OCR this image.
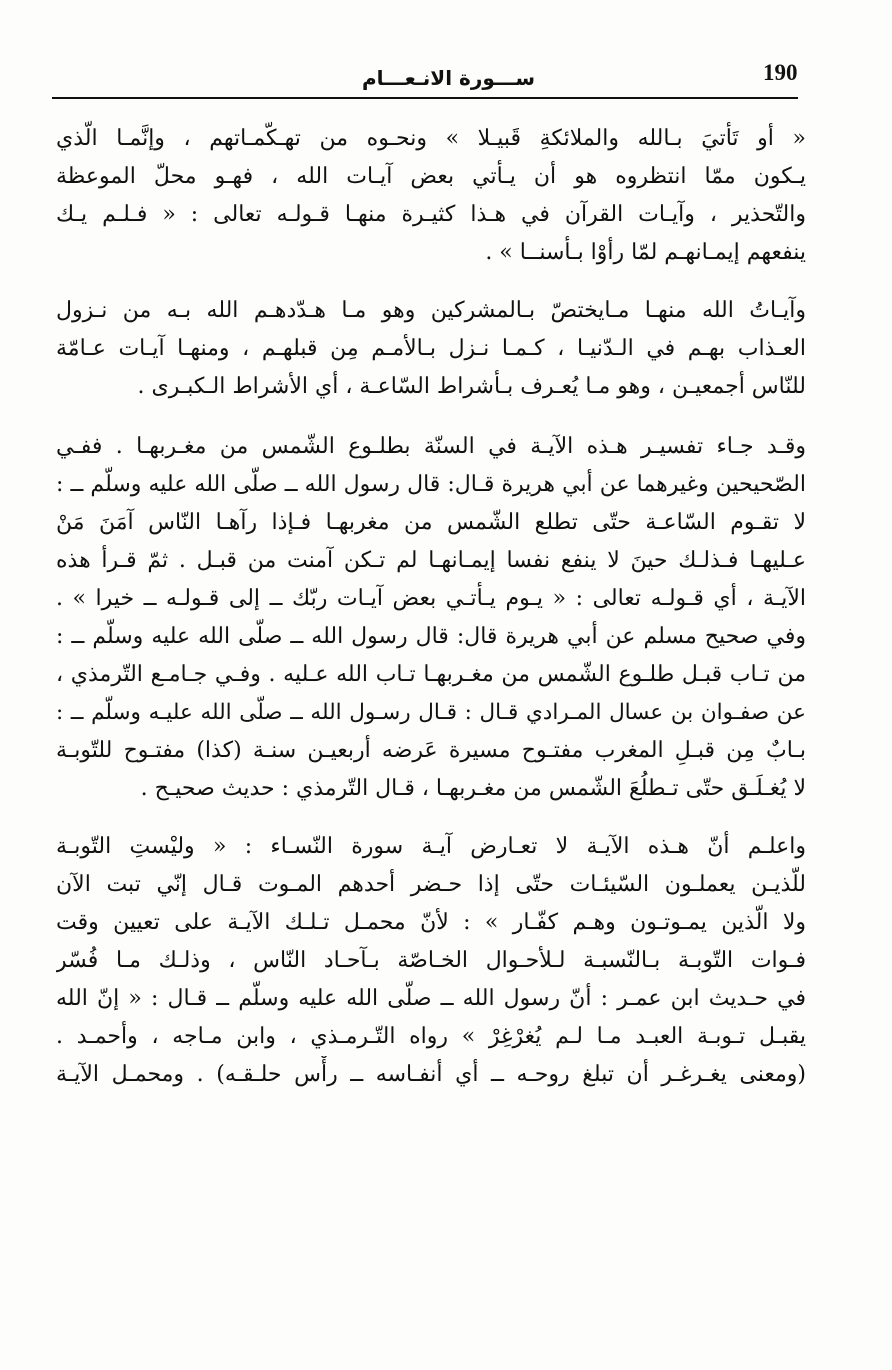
190
ســـورة الانـعـــام
« أو تَأتيَ بـالله والملائكةِ قَبيـلا » ونحـوه من تهـكّمـاتهم ، وإنَّمـا الّذي
يـكون ممّا انتظروه هو أن يـأتي بعض آيـات الله ، فهـو محلّ الموعظة
والتّحذير ، وآيـات القرآن في هـذا كثيـرة منهـا قـولـه تعالى : « فـلـم يـك
ينفعهم إيمـانهـم لمّا رأوْا بـأسنــا » .
وآيـاتُ الله منهـا مـايختصّ بـالمشركين وهو مـا هـدّدهـم الله بـه من نـزول
العـذاب بهـم في الـدّنيـا ، كـمـا نـزل بـالأمـم مِن قبلهـم ، ومنهـا آيـات عـامّة
للنّاس أجمعيـن ، وهو مـا يُعـرف بـأشراط السّاعـة ، أي الأشراط الـكبـرى .
وقـد جـاء تفسيـر هـذه الآيـة في السنّة بطلـوع الشّمس من مغـربهـا . ففـي
الصّحيحين وغيرهما عن أبي هريرة قـال: قال رسول الله ــ صلّى الله عليه وسلّم ــ :
لا تقـوم السّاعـة حتّى تطلع الشّمس من مغربهـا فـإذا رآهـا النّاس آمَنَ مَنْ
عـليهـا فـذلـك حينَ لا ينفع نفسا إيمـانهـا لم تـكن آمنت من قبـل . ثمّ قـرأ هذه
الآيـة ، أي قـولـه تعالى : « يـوم يـأتـي بعض آيـات ربّك ــ إلى قـولـه ــ خيرا » .
وفي صحيح مسلم عن أبي هريرة قال: قال رسول الله ــ صلّى الله عليه وسلّم ــ :
من تـاب قبـل طلـوع الشّمس من مغـربهـا تـاب الله عـليه . وفـي جـامـع التّرمذي ،
عن صفـوان بن عسال المـرادي قـال : قـال رسـول الله ــ صلّى الله عليـه وسلّم ــ :
بـابٌ مِن قبـلِ المغرب مفتـوح مسيرة عَرضه أربعيـن سنـة (كذا) مفتـوح للتّوبـة
لا يُغـلَـق حتّى تـطلُعَ الشّمس من مغـربهـا ، قـال التّرمذي : حديث صحيـح .
واعلـم أنّ هـذه الآيـة لا تعـارض آيـة سورة النّسـاء : « وليْستِ التّوبـة
للّذيـن يعملـون السّيئـات حتّى إذا حـضر أحدهم المـوت قـال إنّي تبت الآن
ولا الّذين يمـوتـون وهـم كفّـار » : لأنّ محمـل تـلـك الآيـة على تعيين وقت
فـوات التّوبـة بـالنّسبـة لـلأحـوال الخـاصّة بـآحـاد النّاس ، وذلـك مـا فُسّر
في حـديث ابن عمـر : أنّ رسول الله ــ صلّى الله عليه وسلّم ــ قـال : « إنّ الله
يقبـل تـوبـة العبـد مـا لـم يُغرْغِرْ » رواه التّـرمـذي ، وابن مـاجه ، وأحمـد .
(ومعنى يغـرغـر أن تبلغ روحـه ــ أي أنفـاسه ــ رأْس حلـقـه) . ومحمـل الآيـة
